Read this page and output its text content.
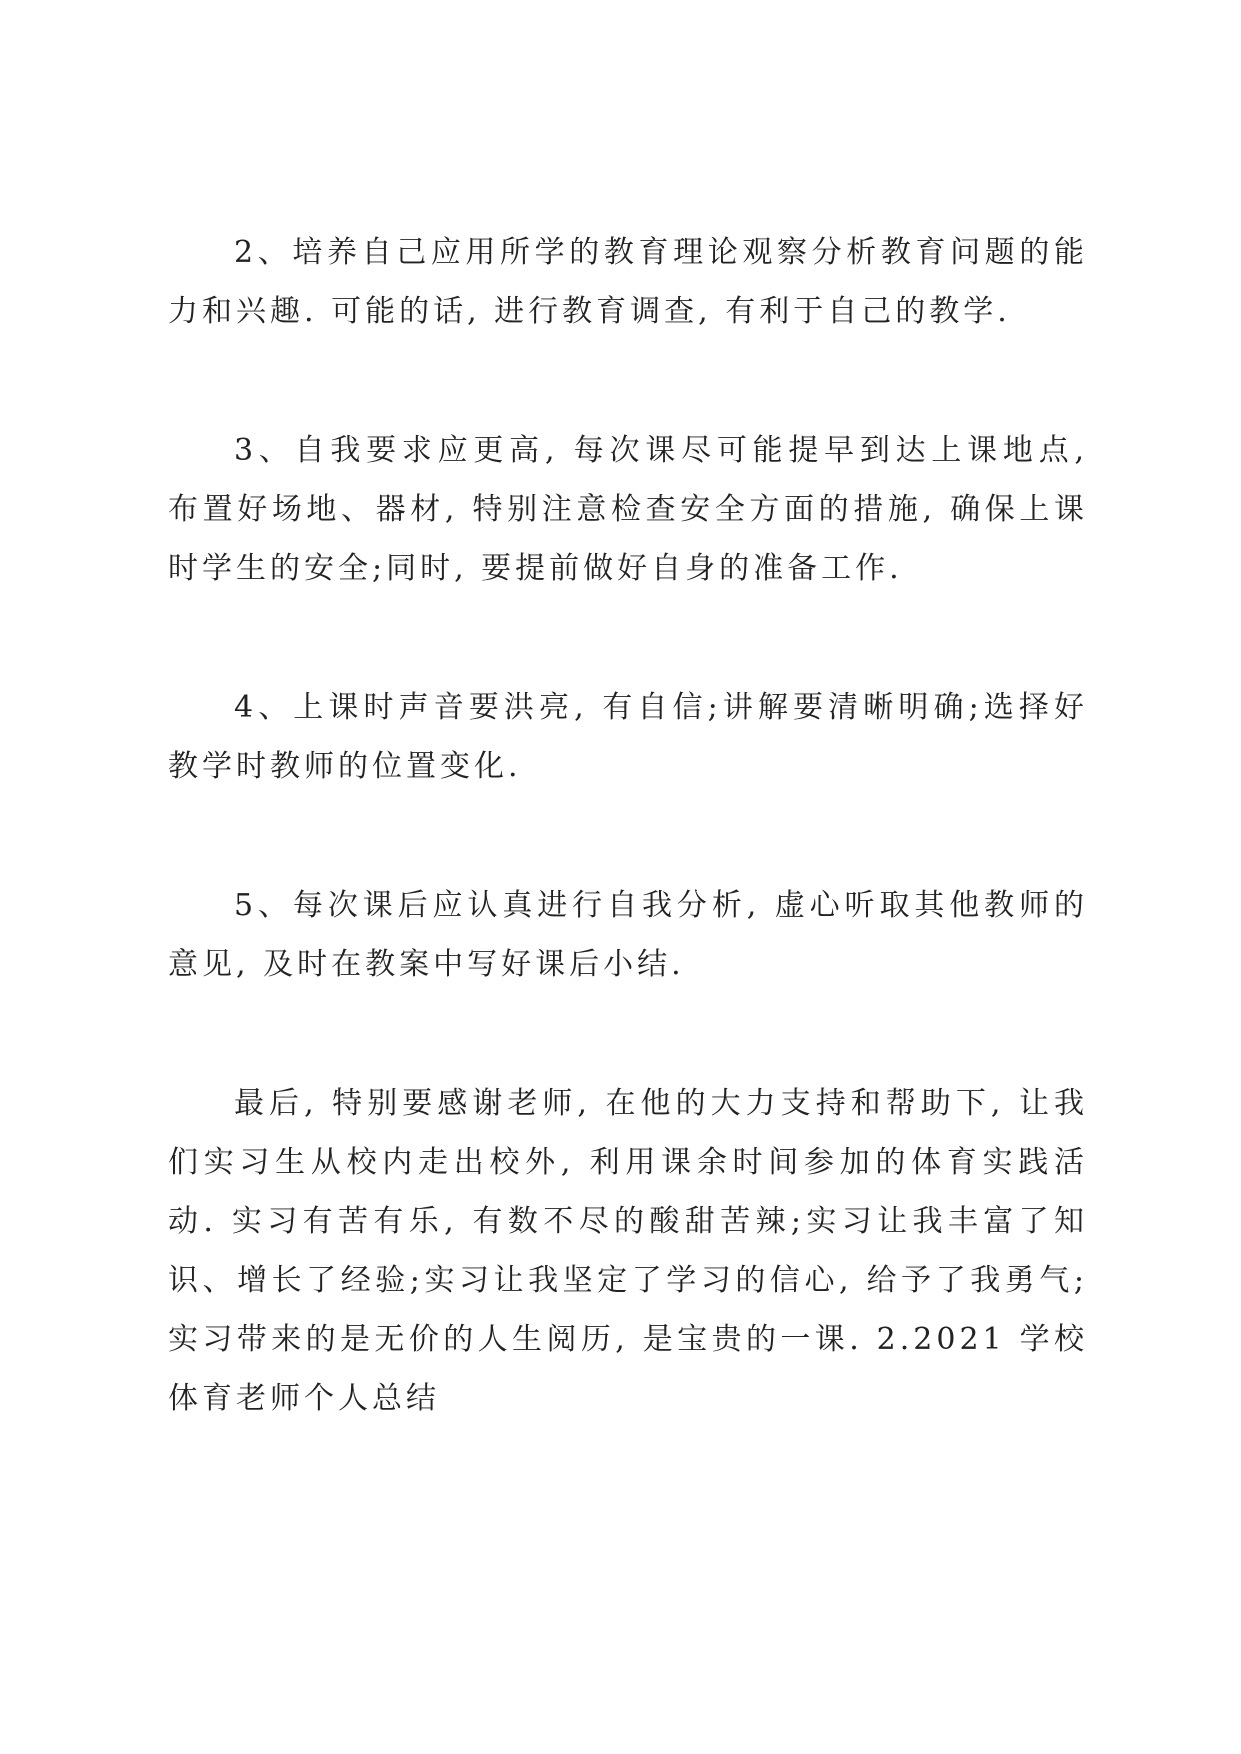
2、培养自己应用所学的教育理论观察分析教育问题的能力和兴趣. 可能的话, 进行教育调查, 有利于自己的教学.

3、自我要求应更高, 每次课尽可能提早到达上课地点, 布置好场地、器材, 特别注意检查安全方面的措施, 确保上课时学生的安全;同时, 要提前做好自身的准备工作.

4、上课时声音要洪亮, 有自信;讲解要清晰明确;选择好教学时教师的位置变化.

5、每次课后应认真进行自我分析, 虚心听取其他教师的意见, 及时在教案中写好课后小结.

最后, 特别要感谢老师, 在他的大力支持和帮助下, 让我们实习生从校内走出校外, 利用课余时间参加的体育实践活动. 实习有苦有乐, 有数不尽的酸甜苦辣;实习让我丰富了知识、增长了经验;实习让我坚定了学习的信心, 给予了我勇气;实习带来的是无价的人生阅历, 是宝贵的一课. 2.2021 学校体育老师个人总结
